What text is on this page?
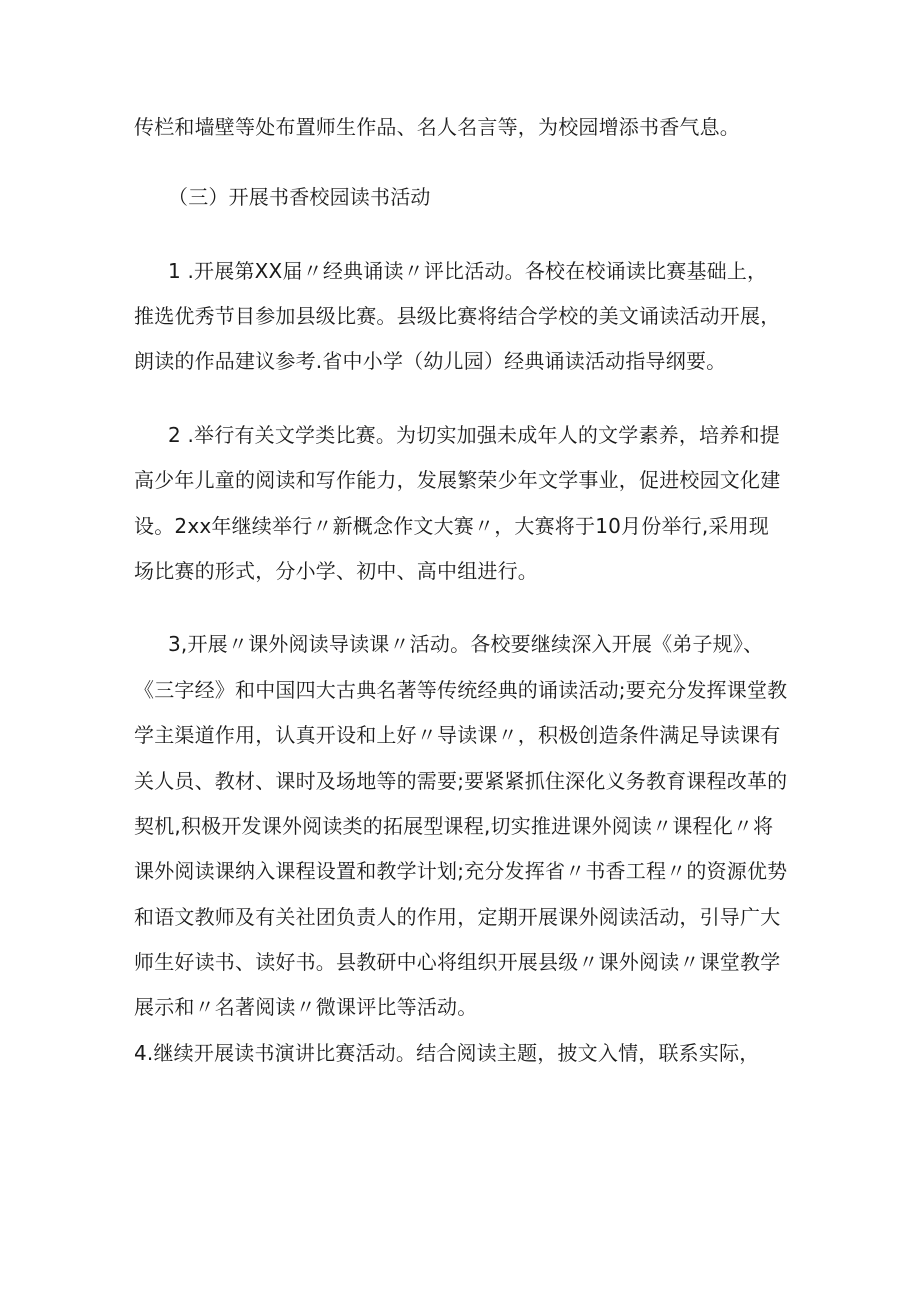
传栏和墙壁等处布置师生作品、名人名言等，为校园增添书香气息。

（三）开展书香校园读书活动

1 .开展第XX届〃经典诵读〃评比活动。各校在校诵读比赛基础上，

推选优秀节目参加县级比赛。县级比赛将结合学校的美文诵读活动开展，

朗读的作品建议参考.省中小学（幼儿园）经典诵读活动指导纲要。

2 .举行有关文学类比赛。为切实加强未成年人的文学素养，培养和提

高少年儿童的阅读和写作能力，发展繁荣少年文学事业，促进校园文化建

设。2xx年继续举行〃新概念作文大赛〃，大赛将于10月份举行,采用现

场比赛的形式，分小学、初中、高中组进行。

3,开展〃课外阅读导读课〃活动。各校要继续深入开展《弟子规》、

《三字经》和中国四大古典名著等传统经典的诵读活动;要充分发挥课堂教

学主渠道作用，认真开设和上好〃导读课〃，积极创造条件满足导读课有

关人员、教材、课时及场地等的需要;要紧紧抓住深化义务教育课程改革的

契机,积极开发课外阅读类的拓展型课程,切实推进课外阅读〃课程化〃将

课外阅读课纳入课程设置和教学计划;充分发挥省〃书香工程〃的资源优势

和语文教师及有关社团负责人的作用，定期开展课外阅读活动，引导广大

师生好读书、读好书。县教研中心将组织开展县级〃课外阅读〃课堂教学

展示和〃名著阅读〃微课评比等活动。

4.继续开展读书演讲比赛活动。结合阅读主题，披文入情，联系实际，
